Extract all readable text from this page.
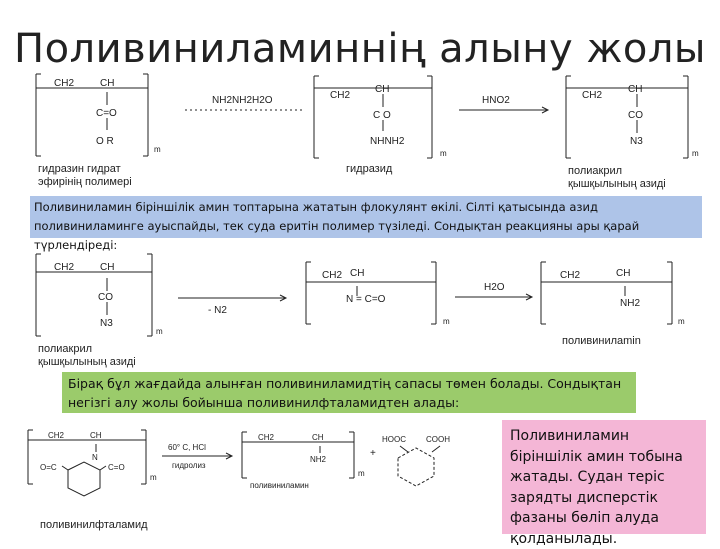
Поливиниламиннің алыну жолы
CH2	CH
C=O
O R
m
гидразин гидрат
эфирінің полимері
NH2NH2H2O	CH2
CH
C O
NHNH2
m
гидразид
HNO2	CH2
CH
CO
N3
m
полиакрил
қышқылының азиді
CH2	CH
CO
N3
m
полиакрил
қышқылының азиді
- N2
CH2 CH
N = C=O
m
H2O
CH2	CH
NH2
m
поливинилamin
CH2	CH
N
O=C	C=O
m
поливинилфталамид
60° C, HCl
гидролиз
CH2	CH
NH2
m
поливиниламин
+
HOOC	COOH
Поливиниламин біріншілік амин топтарына жататын флокулянт өкілі. Сілті қатысында азид поливиниламинге ауыспайды, тек суда еритін полимер түзіледі. Сондықтан реакцияны ары қарай түрлендіреді:
Бірақ бұл жағдайда алынған поливиниламидтің сапасы төмен болады. Сондықтан негізгі алу жолы бойынша поливинилфталамидтен алады:
Поливиниламин біріншілік амин тобына жатады. Судан теріс зарядты дисперстік фазаны бөліп алуда қолданылады.
